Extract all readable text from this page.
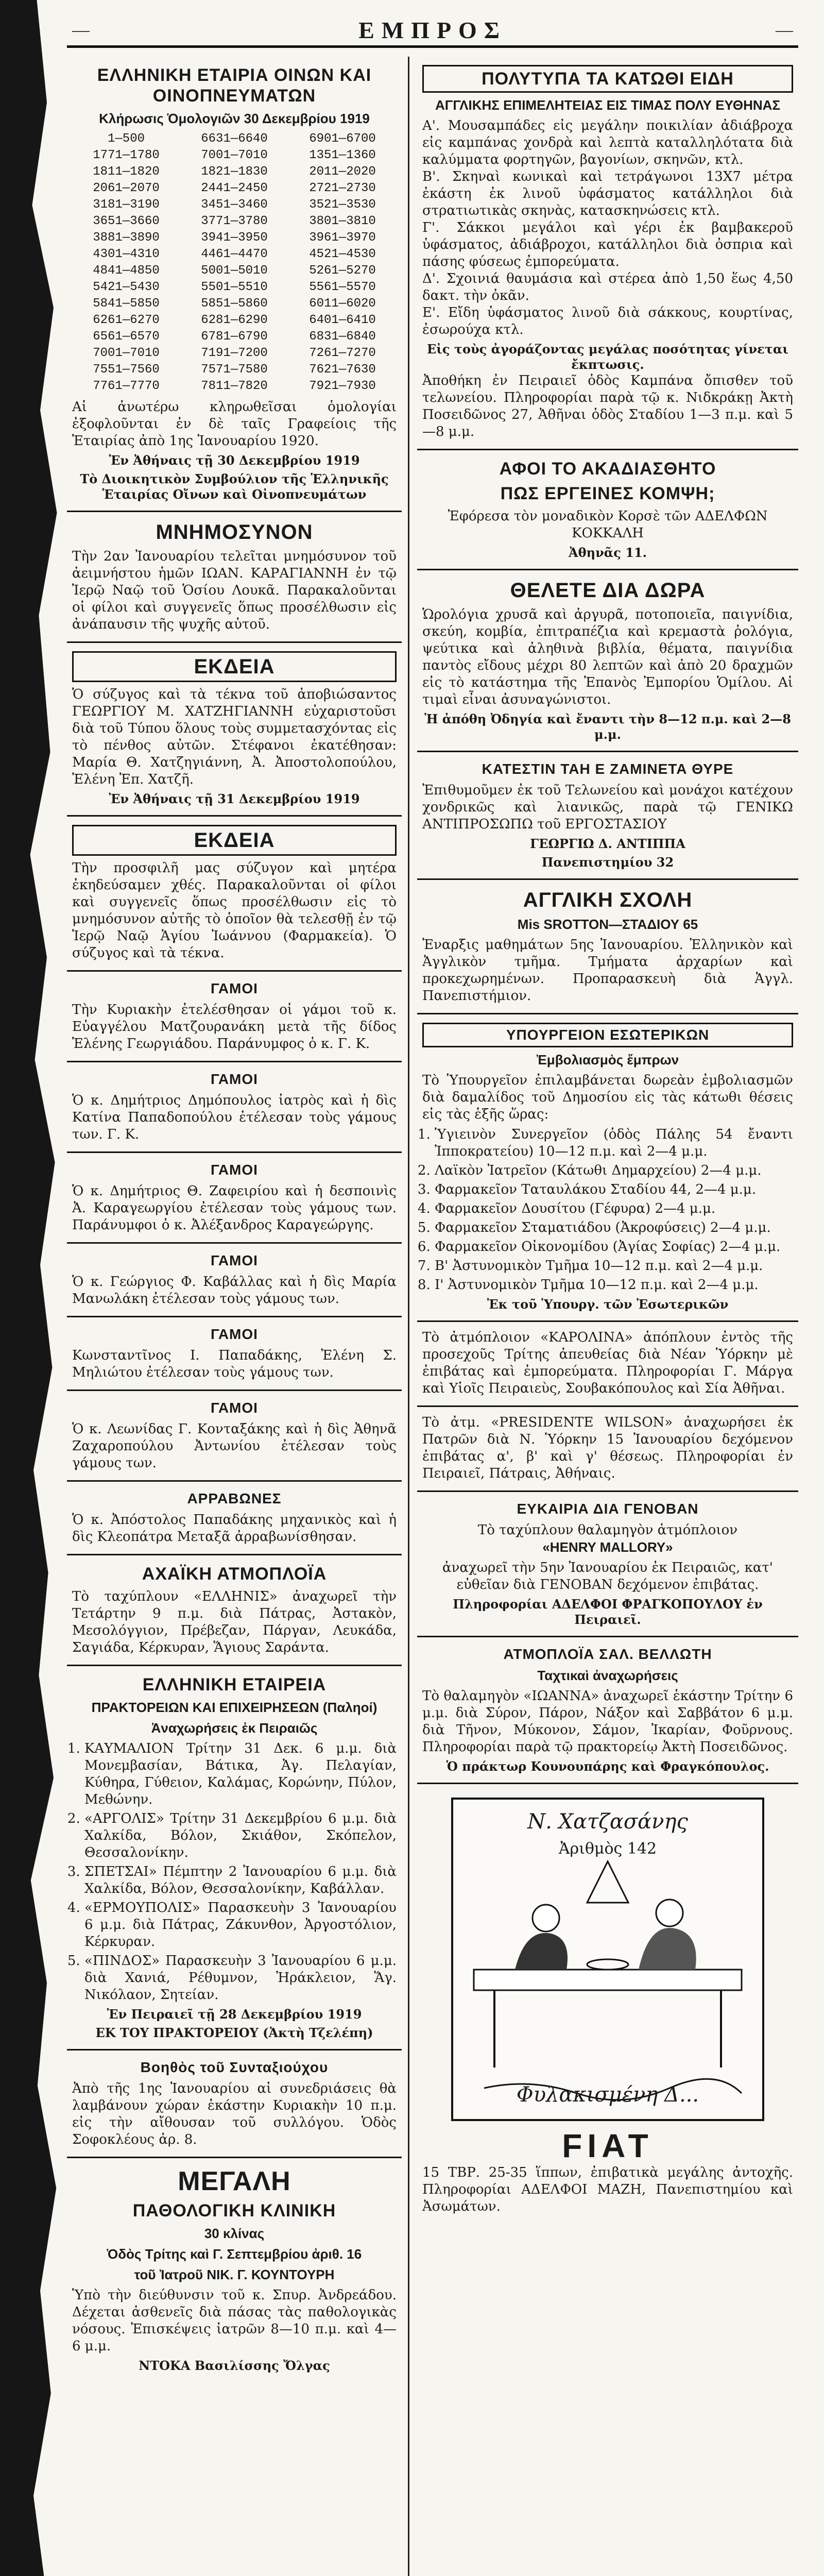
—	ΕΜΠΡΟΣ	—
ΕΛΛΗΝΙΚΗ ΕΤΑΙΡΙΑ ΟΙΝΩΝ ΚΑΙ ΟΙΝΟΠΝΕΥΜΑΤΩΝ
Κλήρωσις Ὁμολογιῶν 30 Δεκεμβρίου 1919
1—500	6631—6640	6901—6700
1771—1780	7001—7010	1351—1360
1811—1820	1821—1830	2011—2020
2061—2070	2441—2450	2721—2730
3181—3190	3451—3460	3521—3530
3651—3660	3771—3780	3801—3810
3881—3890	3941—3950	3961—3970
4301—4310	4461—4470	4521—4530
4841—4850	5001—5010	5261—5270
5421—5430	5501—5510	5561—5570
5841—5850	5851—5860	6011—6020
6261—6270	6281—6290	6401—6410
6561—6570	6781—6790	6831—6840
7001—7010	7191—7200	7261—7270
7551—7560	7571—7580	7621—7630
7761—7770	7811—7820	7921—7930

Αἱ ἀνωτέρω κληρωθεῖσαι ὁμολογίαι ἐξοφλοῦνται ἐν δὲ ταῖς Γραφείοις τῆς Ἑταιρίας ἀπὸ 1ης Ἰανουαρίου 1920.

Ἐν Ἀθήναις τῇ 30 Δεκεμβρίου 1919
Τὸ Διοικητικὸν Συμβούλιον τῆς Ἑλληνικῆς Ἑταιρίας Οἴνων καὶ Οἰνοπνευμάτων
ΜΝΗΜΟΣΥΝΟΝ

Τὴν 2αν Ἰανουαρίου τελεῖται μνημόσυνον τοῦ ἀειμνήστου ἡμῶν ΙΩΑΝ. ΚΑΡΑΓΙΑΝΝΗ ἐν τῷ Ἱερῷ Ναῷ τοῦ Ὁσίου Λουκᾶ. Παρακαλοῦνται οἱ φίλοι καὶ συγγενεῖς ὅπως προσέλθωσιν εἰς ἀνάπαυσιν τῆς ψυχῆς αὐτοῦ.

ΕΚΔΕΙΑ

Ὁ σύζυγος καὶ τὰ τέκνα τοῦ ἀποβιώσαντος ΓΕΩΡΓΙΟΥ Μ. ΧΑΤΖΗΓΙΑΝΝΗ εὐχαριστοῦσι διὰ τοῦ Τύπου ὅλους τοὺς συμμετασχόντας εἰς τὸ πένθος αὐτῶν. Στέφανοι ἐκατέθησαν: Μαρία Θ. Χατζηγιάννη, Ἀ. Ἀποστολοπούλου, Ἐλένη Ἐπ. Χατζῆ.

Ἐν Ἀθήναις τῇ 31 Δεκεμβρίου 1919
ΕΚΔΕΙΑ

Τὴν προσφιλῆ μας σύζυγον καὶ μητέρα ἐκηδεύσαμεν χθές. Παρακαλοῦνται οἱ φίλοι καὶ συγγενεῖς ὅπως προσέλθωσιν εἰς τὸ μνημόσυνον αὐτῆς τὸ ὁποῖον θὰ τελεσθῇ ἐν τῷ Ἱερῷ Ναῷ Ἁγίου Ἰωάννου (Φαρμακεία). Ὁ σύζυγος καὶ τὰ τέκνα.

ΓΑΜΟΙ

Τὴν Κυριακὴν ἐτελέσθησαν οἱ γάμοι τοῦ κ. Εὐαγγέλου Ματζουρανάκη μετὰ τῆς δίδος Ἑλένης Γεωργιάδου. Παράνυμφος ὁ κ. Γ. Κ.

ΓΑΜΟΙ

Ὁ κ. Δημήτριος Δημόπουλος ἰατρὸς καὶ ἡ δὶς Κατίνα Παπαδοπούλου ἐτέλεσαν τοὺς γάμους των. Γ. Κ.

ΓΑΜΟΙ

Ὁ κ. Δημήτριος Θ. Ζαφειρίου καὶ ἡ δεσποινὶς Ἀ. Καραγεωργίου ἐτέλεσαν τοὺς γάμους των. Παράνυμφοι ὁ κ. Ἀλέξανδρος Καραγεώργης.

ΓΑΜΟΙ

Ὁ κ. Γεώργιος Φ. Καβάλλας καὶ ἡ δὶς Μαρία Μανωλάκη ἐτέλεσαν τοὺς γάμους των.

ΓΑΜΟΙ

Κωνσταντῖνος Ι. Παπαδάκης, Ἑλένη Σ. Μηλιώτου ἐτέλεσαν τοὺς γάμους των.

ΓΑΜΟΙ

Ὁ κ. Λεωνίδας Γ. Κονταξάκης καὶ ἡ δὶς Ἀθηνᾶ Ζαχαροπούλου Ἀντωνίου ἐτέλεσαν τοὺς γάμους των.

ΑΡΡΑΒΩΝΕΣ

Ὁ κ. Ἀπόστολος Παπαδάκης μηχανικὸς καὶ ἡ δὶς Κλεοπάτρα Μεταξᾶ ἀρραβωνίσθησαν.

ΑΧΑΪΚΗ ΑΤΜΟΠΛΟΪΑ

Τὸ ταχύπλουν «ΕΛΛΗΝΙΣ» ἀναχωρεῖ τὴν Τετάρτην 9 π.μ. διὰ Πάτρας, Ἀστακὸν, Μεσολόγγιον, Πρέβεζαν, Πάργαν, Λευκάδα, Σαγιάδα, Κέρκυραν, Ἅγιους Σαράντα.

ΕΛΛΗΝΙΚΗ ΕΤΑΙΡΕΙΑ
ΠΡΑΚΤΟΡΕΙΩΝ ΚΑΙ ΕΠΙΧΕΙΡΗΣΕΩΝ (Παληοί)
Ἀναχωρήσεις ἐκ Πειραιῶς
1. ΚΑΥΜΑΛΙΟΝ Τρίτην 31 Δεκ. 6 μ.μ. διὰ Μονεμβασίαν, Βάτικα, Ἀγ. Πελαγίαν, Κύθηρα, Γύθειον, Καλάμας, Κορώνην, Πύλον, Μεθώνην.
2. «ΑΡΓΟΛΙΣ» Τρίτην 31 Δεκεμβρίου 6 μ.μ. διὰ Χαλκίδα, Βόλον, Σκιάθον, Σκόπελον, Θεσσαλονίκην.
3. ΣΠΕΤΣΑΙ» Πέμπτην 2 Ἰανουαρίου 6 μ.μ. διὰ Χαλκίδα, Βόλον, Θεσσαλονίκην, Καβάλλαν.
4. «ΕΡΜΟΥΠΟΛΙΣ» Παρασκευὴν 3 Ἰανουαρίου 6 μ.μ. διὰ Πάτρας, Ζάκυνθον, Ἀργοστόλιον, Κέρκυραν.
5. «ΠΙΝΔΟΣ» Παρασκευὴν 3 Ἰανουαρίου 6 μ.μ. διὰ Χανιά, Ρέθυμνον, Ἡράκλειον, Ἅγ. Νικόλαον, Σητείαν.
Ἐν Πειραιεῖ τῇ 28 Δεκεμβρίου 1919
ΕΚ ΤΟΥ ΠΡΑΚΤΟΡΕΙΟΥ (Ἀκτὴ Τζελέπη)
Βοηθὸς τοῦ Συνταξιούχου

Ἀπὸ τῆς 1ης Ἰανουαρίου αἱ συνεδριάσεις θὰ λαμβάνουν χώραν ἑκάστην Κυριακὴν 10 π.μ. εἰς τὴν αἴθουσαν τοῦ συλλόγου. Ὁδὸς Σοφοκλέους ἀρ. 8.

ΜΕΓΑΛΗ
ΠΑΘΟΛΟΓΙΚΗ ΚΛΙΝΙΚΗ
30 κλίνας
Ὁδὸς Τρίτης καὶ Γ. Σεπτεμβρίου ἀριθ. 16
τοῦ Ἰατροῦ ΝΙΚ. Γ. ΚΟΥΝΤΟΥΡΗ

Ὑπὸ τὴν διεύθυνσιν τοῦ κ. Σπυρ. Ἀνδρεάδου. Δέχεται ἀσθενεῖς διὰ πάσας τὰς παθολογικὰς νόσους. Ἐπισκέψεις ἰατρῶν 8—10 π.μ. καὶ 4—6 μ.μ.

ΝΤΟΚΑ Βασιλίσσης Ὄλγας
ΠΟΛΥΤΥΠΑ ΤΑ ΚΑΤΩΘΙ ΕΙΔΗ
ΑΓΓΛΙΚΗΣ ΕΠΙΜΕΛΗΤΕΙΑΣ ΕΙΣ ΤΙΜΑΣ ΠΟΛΥ ΕΥΘΗΝΑΣ

Α'. Μουσαμπάδες εἰς μεγάλην ποικιλίαν ἀδιάβροχα εἰς καμπάνας χονδρὰ καὶ λεπτὰ καταλληλότατα διὰ καλύμματα φορτηγῶν, βαγονίων, σκηνῶν, κτλ.

Β'. Σκηναὶ κωνικαὶ καὶ τετράγωνοι 13Χ7 μέτρα ἐκάστη ἐκ λινοῦ ὑφάσματος κατάλληλοι διὰ στρατιωτικὰς σκηνὰς, κατασκηνώσεις κτλ.

Γ'. Σάκκοι μεγάλοι καὶ γέρι ἐκ βαμβακεροῦ ὑφάσματος, ἀδιάβροχοι, κατάλληλοι διὰ ὀσπρια καὶ πάσης φύσεως ἐμπορεύματα.

Δ'. Σχοινιά θαυμάσια καὶ στέρεα ἀπὸ 1,50 ἕως 4,50 δακτ. τὴν ὀκᾶν.

Ε'. Εἴδη ὑφάσματος λινοῦ διὰ σάκκους, κουρτίνας, ἐσωρούχα κτλ.

Εἰς τοὺς ἀγοράζοντας μεγάλας ποσότητας γίνεται ἔκπτωσις.

Ἀποθήκη ἐν Πειραιεῖ ὁδὸς Καμπάνα ὄπισθεν τοῦ τελωνείου. Πληροφορίαι παρὰ τῷ κ. Νιδκράκῃ Ἀκτὴ Ποσειδῶνος 27, Ἀθῆναι ὁδὸς Σταδίου 1—3 π.μ. καὶ 5—8 μ.μ.

ΑΦΟΙ ΤΟ ΑΚΑΔΙΑΣΘΗΤΟ
ΠΩΣ ΕΡΓΕΙΝΕΣ ΚΟΜΨΗ;

Ἐφόρεσα τὸν μοναδικὸν Κορσὲ τῶν ΑΔΕΛΦΩΝ ΚΟΚΚΑΛΗ

Ἀθηνᾶς 11.
ΘΕΛΕΤΕ ΔΙΑ ΔΩΡΑ

Ὡρολόγια χρυσᾶ καὶ ἀργυρᾶ, ποτοποιεῖα, παιγνίδια, σκεύη, κομβία, ἐπιτραπέζια καὶ κρεμαστὰ ῥολόγια, ψεύτικα καὶ ἀληθινὰ βιβλία, θέματα, παιγνίδια παντὸς εἴδους μέχρι 80 λεπτῶν καὶ ἀπὸ 20 δραχμῶν εἰς τὸ κατάστημα τῆς Ἐπανὸς Ἐμπορίου Ὁμίλου. Αἱ τιμαὶ εἶναι ἀσυναγώνιστοι.

Ἡ ἀπόθη Ὀδηγία καὶ ἔναντι τὴν 8—12 π.μ. καὶ 2—8 μ.μ.
ΚΑΤΕΣΤΙΝ ΤΑΗ Ε ΖΑΜΙΝΕΤΑ ΘΥΡΕ

Ἐπιθυμοῦμεν ἐκ τοῦ Τελωνείου καὶ μονάχοι κατέχουν χονδρικῶς καὶ λιανικῶς, παρὰ τῷ ΓΕΝΙΚΩ ΑΝΤΙΠΡΟΣΩΠΩ τοῦ ΕΡΓΟΣΤΑΣΙΟΥ

ΓΕΩΡΓΙΩ Δ. ΑΝΤΙΠΠΑ
Πανεπιστημίου 32
ΑΓΓΛΙΚΗ ΣΧΟΛΗ
Mis SROTTON—ΣΤΑΔΙΟΥ 65

Ἐναρξις μαθημάτων 5ης Ἰανουαρίου. Ἑλληνικὸν καὶ Ἀγγλικὸν τμῆμα. Τμήματα ἀρχαρίων καὶ προκεχωρημένων. Προπαρασκευὴ διὰ Ἁγγλ. Πανεπιστήμιον.

ΥΠΟΥΡΓΕΙΟΝ ΕΣΩΤΕΡΙΚΩΝ
Ἐμβολιασμὸς ἔμπρων

Τὸ Ὑπουργεῖον ἐπιλαμβάνεται δωρεὰν ἐμβολιασμῶν διὰ δαμαλίδος τοῦ Δημοσίου εἰς τὰς κάτωθι θέσεις εἰς τὰς ἑξῆς ὥρας:

1. Ὑγιεινὸν Συνεργεῖον (ὁδὸς Πάλης 54 ἔναντι Ἰπποκρατείου) 10—12 π.μ. καὶ 2—4 μ.μ.
2. Λαϊκὸν Ἰατρεῖον (Κάτωθι Δημαρχείου) 2—4 μ.μ.
3. Φαρμακεῖον Ταταυλάκου Σταδίου 44, 2—4 μ.μ.
4. Φαρμακεῖον Δουσίτου (Γέφυρα) 2—4 μ.μ.
5. Φαρμακεῖον Σταματιάδου (Ἀκροφύσεις) 2—4 μ.μ.
6. Φαρμακεῖον Οἰκονομίδου (Ἀγίας Σοφίας) 2—4 μ.μ.
7. Β' Ἀστυνομικὸν Τμῆμα 10—12 π.μ. καὶ 2—4 μ.μ.
8. Ι' Ἀστυνομικὸν Τμῆμα 10—12 π.μ. καὶ 2—4 μ.μ.
Ἐκ τοῦ Ὑπουργ. τῶν Ἐσωτερικῶν

Τὸ ἀτμόπλοιον «ΚΑΡΟΛΙΝΑ» ἀπόπλουν ἐντὸς τῆς προσεχοῦς Τρίτης ἀπευθείας διὰ Νέαν Ὑόρκην μὲ ἐπιβάτας καὶ ἐμπορεύματα. Πληροφορίαι Γ. Μάργα καὶ Υἱοῖς Πειραιεὺς, Σουβακόπουλος καὶ Σία Ἀθῆναι.

Τὸ ἀτμ. «PRESIDENTE WILSON» ἀναχωρήσει ἐκ Πατρῶν διὰ Ν. Ὑόρκην 15 Ἰανουαρίου δεχόμενον ἐπιβάτας α', β' καὶ γ' θέσεως. Πληροφορίαι ἐν Πειραιεῖ, Πάτραις, Ἀθήναις.

ΕΥΚΑΙΡΙΑ ΔΙΑ ΓΕΝΟΒΑΝ

Τὸ ταχύπλουν θαλαμηγὸν ἀτμόπλοιον

«HENRY MALLORY»

ἀναχωρεῖ τὴν 5ην Ἰανουαρίου ἐκ Πειραιῶς, κατ' εὐθεῖαν διὰ ΓΕΝΟΒΑΝ δεχόμενον ἐπιβάτας.

Πληροφορίαι ΑΔΕΛΦΟΙ ΦΡΑΓΚΟΠΟΥΛΟΥ ἐν Πειραιεῖ.
ΑΤΜΟΠΛΟΪΑ ΣΑΛ. ΒΕΛΛΩΤΗ
Ταχτικαὶ ἀναχωρήσεις

Τὸ θαλαμηγὸν «ΙΩΑΝΝΑ» ἀναχωρεῖ ἑκάστην Τρίτην 6 μ.μ. διὰ Σύρον, Πάρον, Νάξον καὶ Σαββάτον 6 μ.μ. διὰ Τῆνον, Μύκονον, Σάμον, Ἰκαρίαν, Φοῦρνους. Πληροφορίαι παρὰ τῷ πρακτορείῳ Ἀκτὴ Ποσειδῶνος.

Ὁ πράκτωρ Κουνουπάρης καὶ Φραγκόπουλος.
Ν. Χατζασάνης
Ἀριθμὸς 142
Φυλακισμένη Δ...
FIAT

15 ΤΒΡ. 25-35 ἵππων, ἐπιβατικὰ μεγάλης ἀντοχῆς. Πληροφορίαι ΑΔΕΛΦΟΙ ΜΑΖΗ, Πανεπιστημίου καὶ Ἀσωμάτων.
